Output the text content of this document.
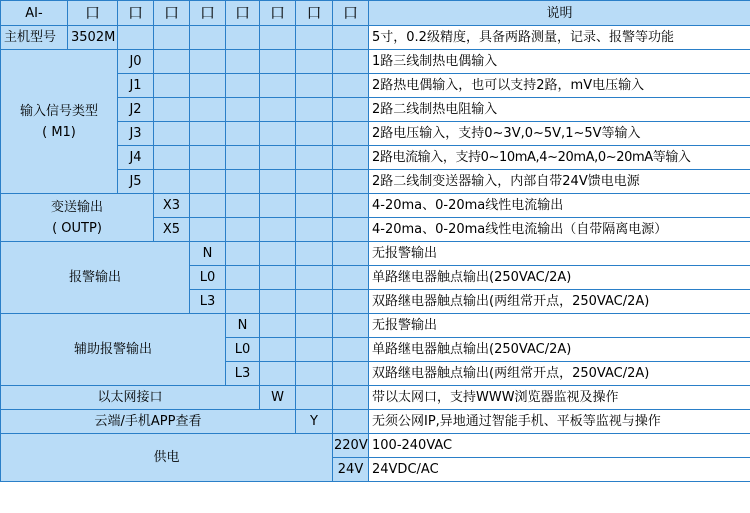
AI-	口	口	口	口	口	口	口	口	说明
主机型号	3502M								5寸，0.2级精度，具备两路测量，记录、报警等功能

输入信号类型
( M1)		J0							1路三线制热电偶输入
		J1							2路热电偶输入，也可以支持2路，mV电压输入
		J2							2路二线制热电阻输入
		J3							2路电压输入，支持0~3V,0~5V,1~5V等输入
		J4							2路电流输入，支持0~10mA,4~20mA,0~20mA等输入
		J5							2路二线制变送器输入，内部自带24V馈电电源

变送输出
( OUTP)			X3						4-20ma、0-20ma线性电流输出
			X5						4-20ma、0-20ma线性电流输出（自带隔离电源）
报警输出				N					无报警输出
				L0					单路继电器触点输出(250VAC/2A)
				L3					双路继电器触点输出(两组常开点，250VAC/2A)
辅助报警输出					N				无报警输出
					L0				单路继电器触点输出(250VAC/2A)
					L3				双路继电器触点输出(两组常开点，250VAC/2A)
以太网接口						W			带以太网口，支持WWW浏览器监视及操作
云端/手机APP查看							Y		无须公网IP,异地通过智能手机、平板等监视与操作
供电								220V	100-240VAC
								24V	24VDC/AC
